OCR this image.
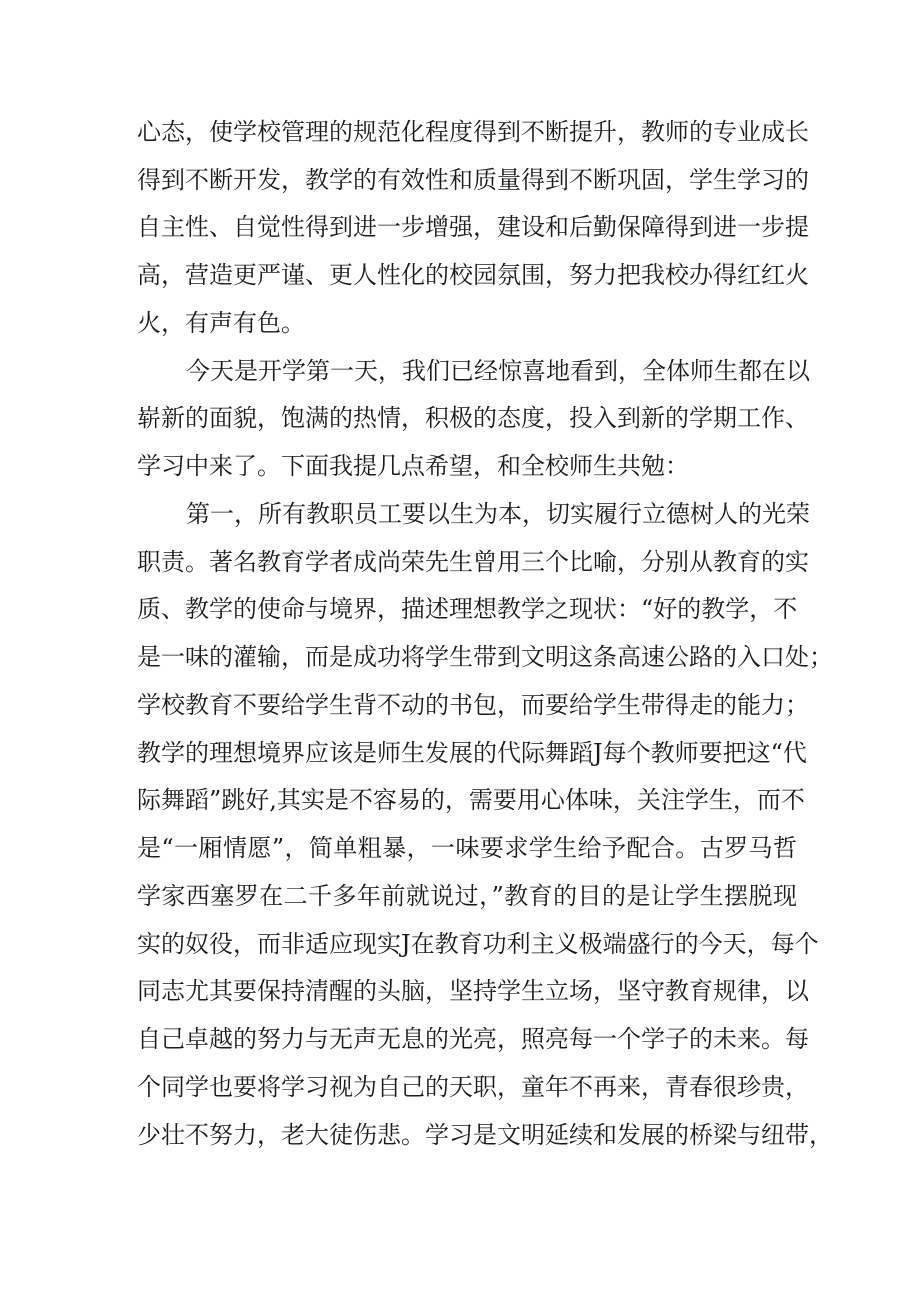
心态，使学校管理的规范化程度得到不断提升，教师的专业成长
得到不断开发，教学的有效性和质量得到不断巩固，学生学习的
自主性、自觉性得到进一步增强，建设和后勤保障得到进一步提
高，营造更严谨、更人性化的校园氛围，努力把我校办得红红火
火，有声有色。
今天是开学第一天，我们已经惊喜地看到，全体师生都在以
崭新的面貌，饱满的热情，积极的态度，投入到新的学期工作、
学习中来了。下面我提几点希望，和全校师生共勉：
第一，所有教职员工要以生为本，切实履行立德树人的光荣
职责。著名教育学者成尚荣先生曾用三个比喻，分别从教育的实
质、教学的使命与境界，描述理想教学之现状：“好的教学，不
是一味的灌输，而是成功将学生带到文明这条高速公路的入口处；
学校教育不要给学生背不动的书包，而要给学生带得走的能力；
教学的理想境界应该是师生发展的代际舞蹈J每个教师要把这“代
际舞蹈”跳好,其实是不容易的，需要用心体味，关注学生，而不
是“一厢情愿”，简单粗暴，一味要求学生给予配合。古罗马哲
学家西塞罗在二千多年前就说过，”教育的目的是让学生摆脱现
实的奴役，而非适应现实J在教育功利主义极端盛行的今天，每个
同志尤其要保持清醒的头脑，坚持学生立场，坚守教育规律，以
自己卓越的努力与无声无息的光亮，照亮每一个学子的未来。每
个同学也要将学习视为自己的天职，童年不再来，青春很珍贵，
少壮不努力，老大徒伤悲。学习是文明延续和发展的桥梁与纽带，
